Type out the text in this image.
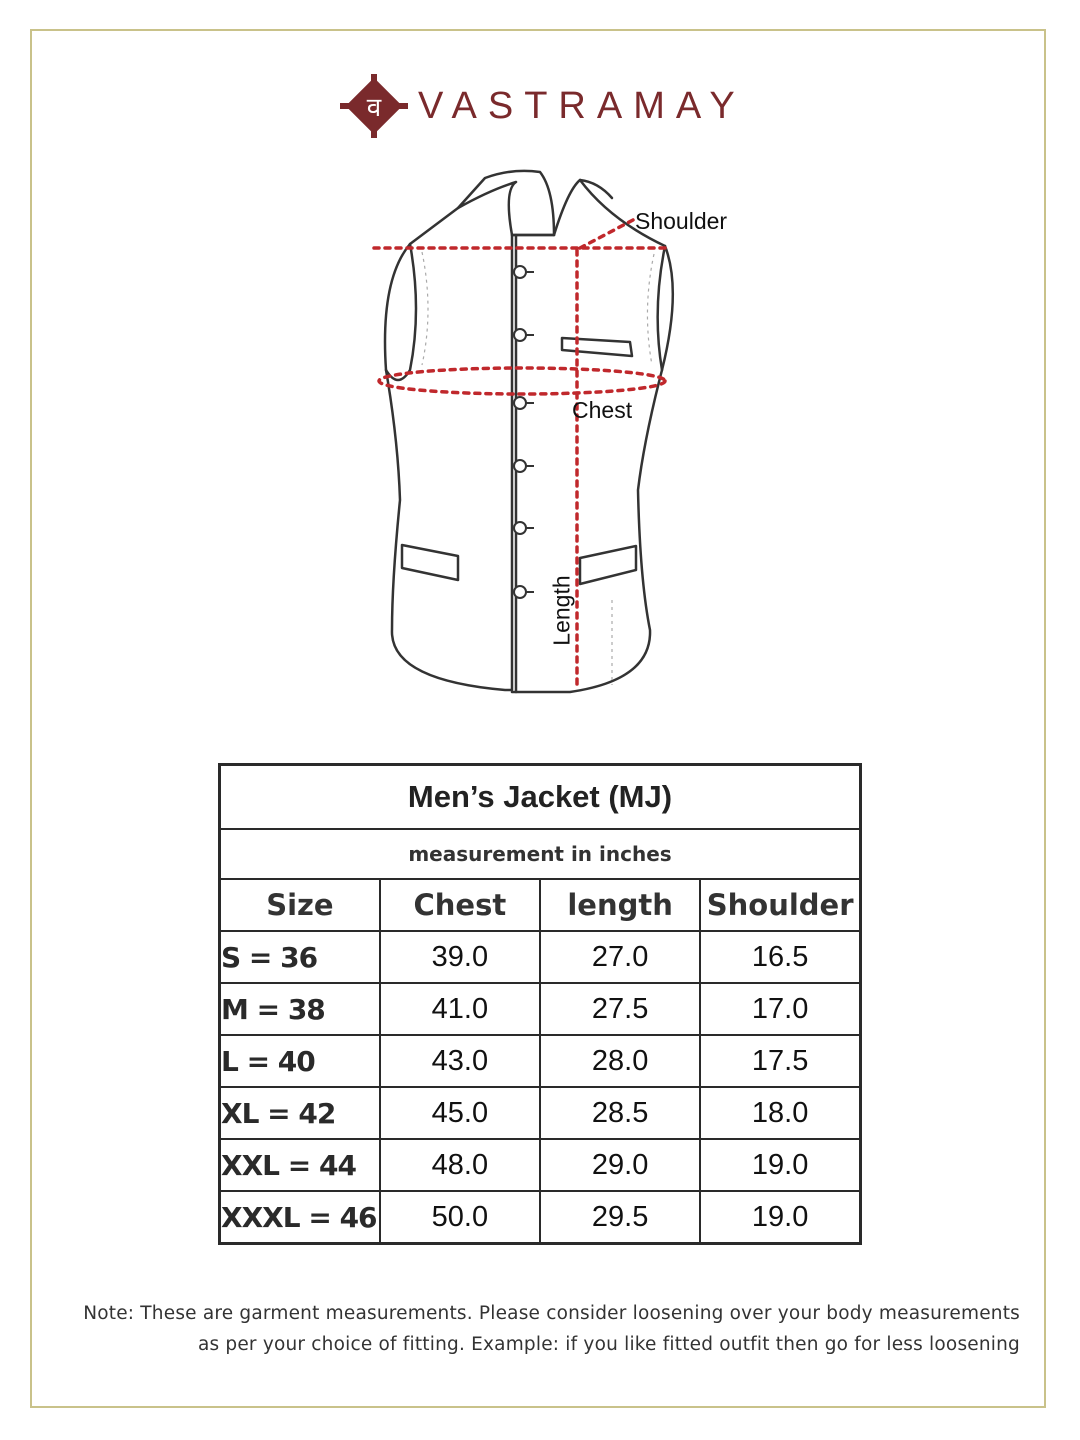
व VASTRAMAY
Shoulder
Chest
Length
Men’s Jacket (MJ)			
measurement in inches			
Size	Chest	length	Shoulder
S = 36	39.0	27.0	16.5
M = 38	41.0	27.5	17.0
L = 40	43.0	28.0	17.5
XL = 42	45.0	28.5	18.0
XXL = 44	48.0	29.0	19.0
XXXL = 46	50.0	29.5	19.0
Note: These are garment measurements. Please consider loosening over your body measurements
as per your choice of fitting. Example: if you like fitted outfit then go for less loosening
